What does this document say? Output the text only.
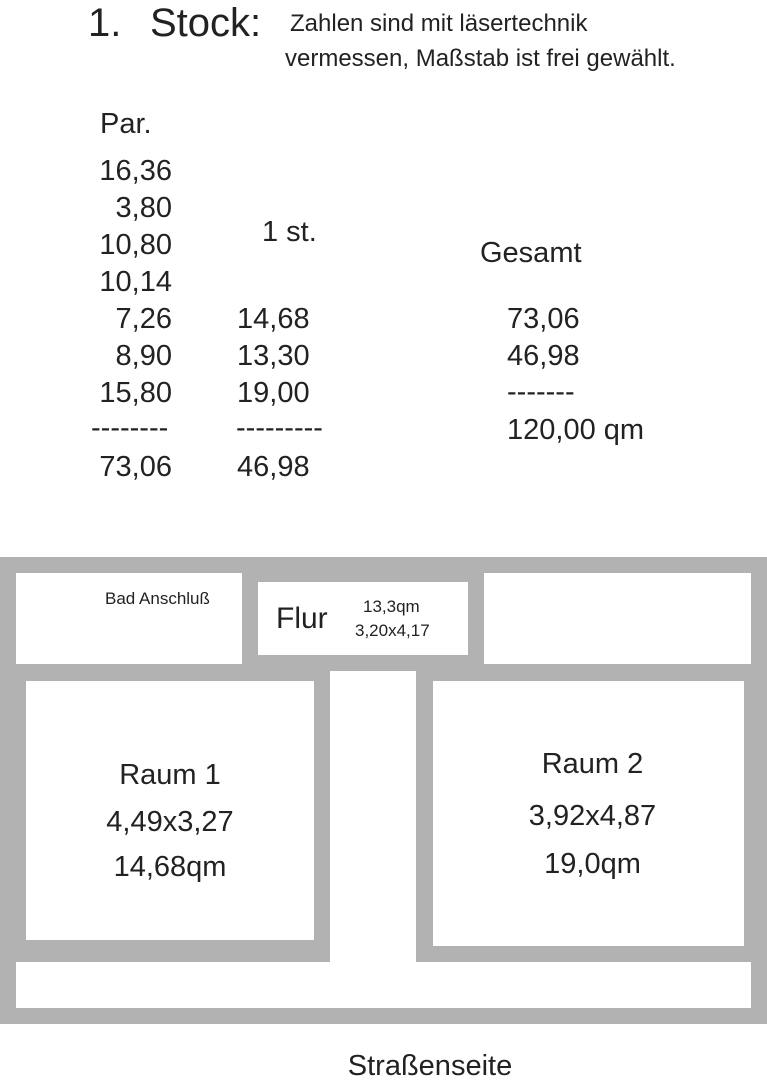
1. Stock: Zahlen sind mit läsertechnik
vermessen, Maßstab ist frei gewählt.
Par.
16,36
3,80
10,80
10,14
7,26
8,90
15,80
--------
73,06
1 st.
14,68
13,30
19,00
---------
46,98
Gesamt
73,06
46,98
-------
120,00 qm
Bad Anschluß
Flur 13,3qm
3,20x4,17
Raum 1
4,49x3,27
14,68qm
Raum 2
3,92x4,87
19,0qm
Straßenseite
